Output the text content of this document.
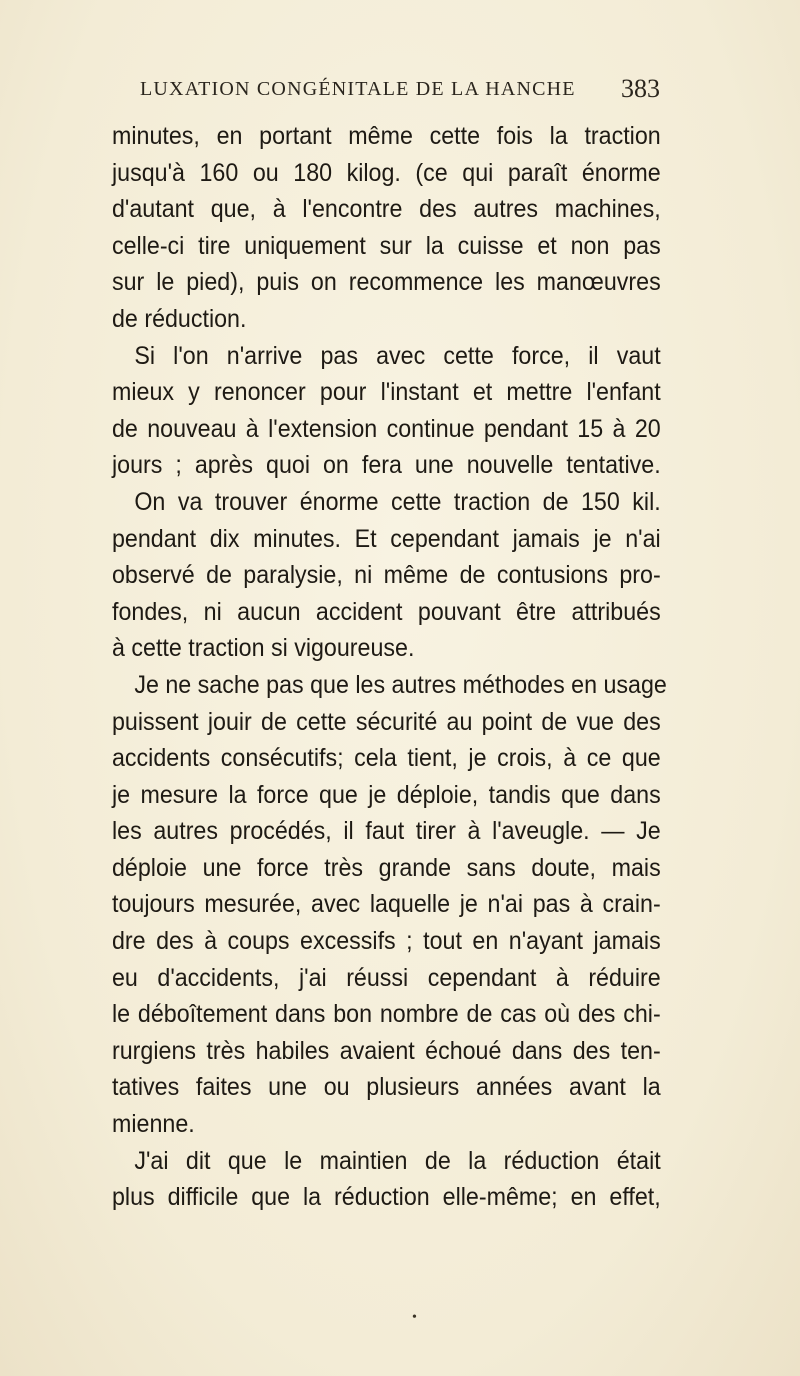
LUXATION CONGÉNITALE DE LA HANCHE 383
minutes, en portant même cette fois la traction
jusqu'à 160 ou 180 kilog. (ce qui paraît énorme
d'autant que, à l'encontre des autres machines,
celle-ci tire uniquement sur la cuisse et non pas
sur le pied), puis on recommence les manœuvres
de réduction.
Si l'on n'arrive pas avec cette force, il vaut
mieux y renoncer pour l'instant et mettre l'enfant
de nouveau à l'extension continue pendant 15 à 20
jours ; après quoi on fera une nouvelle tentative.
On va trouver énorme cette traction de 150 kil.
pendant dix minutes. Et cependant jamais je n'ai
observé de paralysie, ni même de contusions pro-
fondes, ni aucun accident pouvant être attribués
à cette traction si vigoureuse.
Je ne sache pas que les autres méthodes en usage
puissent jouir de cette sécurité au point de vue des
accidents consécutifs; cela tient, je crois, à ce que
je mesure la force que je déploie, tandis que dans
les autres procédés, il faut tirer à l'aveugle. — Je
déploie une force très grande sans doute, mais
toujours mesurée, avec laquelle je n'ai pas à crain-
dre des à coups excessifs ; tout en n'ayant jamais
eu d'accidents, j'ai réussi cependant à réduire
le déboîtement dans bon nombre de cas où des chi-
rurgiens très habiles avaient échoué dans des ten-
tatives faites une ou plusieurs années avant la
mienne.
J'ai dit que le maintien de la réduction était
plus difficile que la réduction elle-même; en effet,
•
